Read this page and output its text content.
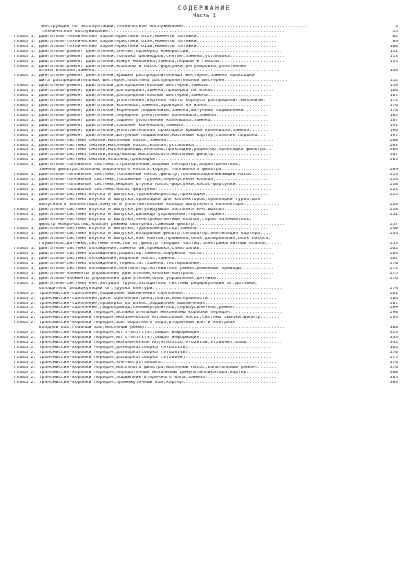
СОДЕРЖАНИЕ
Часть 1
4
Инструкция по эксплуатации,техническое обслуживание.............................................
55
Техническое обслуживание................................................................
82
Глава 1. Двигатели-технические характеристики D12F,моменты затяжки.............................
89
Глава 1. Двигатели-технические характеристики D13A,моменты затяжки.............................
100
Глава 1. Двигатели-технические характеристики D13B,моменты затяжки.............................
111
Глава 1. Двигатели-ремонт двигателей,снятие,проверка компрессии..................................
113
Глава 1. Двигатели-ремонт двигателей,головка цилиндров,снятие,замена,установка....................
135
Глава 1. Двигатели-ремонт двигателей,кожух маховика,замена,поршни и гильзы........................
Глава 1. Двигатели-ремонт двигателей,клапаны и насос-форсунки,регулировка,уплотнение
149
штока клапана,замена...................................................................
Глава 1. Двигатели-ремонт двигателей,крышки распределительных шестерен,замена прокладки
152
щита распределительных шестерен,пластина распределительной шестерни.......................
156
Глава 1. Двигатели-ремонт двигателей,распределительные шестерни,замена.......................
166
Глава 1. Двигатели-ремонт двигателей,распредвал,замена,проверка на износ......................
167
Глава 1. Двигатели-ремонт двигателей,распределительные шестерни,замена.......................
172
Глава 1. Двигатели-ремонт двигателей,уплотнения,верхняя часть корпуса распределит.механизм.
176
Глава 1. Двигатели-ремонт двигателей,коленвал,замена,проверка на износ.......................
178
Глава 1. Двигатели-ремонт двигателей,коренные подшипники,замена,шатунные подшипники........
185
Глава 1. Двигатели-ремонт двигателей,переднее уплотнение коленвала,замена...................
187
Глава 1. Двигатели-ремонт двигателей,заднее уплотнение коленвала,замена.....................
191
Глава 1. Двигатели-ремонт двигателей,сальник коленвала,замена...............................
196
Глава 1. Двигатели-ремонт двигателей,уплотнительная прокладка крышки коленвала,замена.......
197
Глава 1. Двигатели-ремонт двигателей,шатунные подшипники,масляный картер,сальник подвона...
200
Глава 1. Двигатели-система смазки,масляный насос,замена.......................................
201
Глава 1. Двигатели-система смазки,масляный насос,клапан,установка.............................
204
Глава 1. Двигатели-система смазки,маслопроводы,клапаны,прокладки,радиатор,прокладка фильтра..
207
Глава 1. Двигатели-система смазки,вход/выход маслонасоса,масляный фильтр.....................
205
Глава 1. Двигатели-система смазки,клапаны,прокладки.........................................
Глава 1. Двигатели-топливная система,страховочный,водный сепаратор,водоотделитель,
209
замена фильтра,клапаны подкачного насоса,корпус топливного фильтра.....................
213
Глава 1. Двигатели-топливная система,топливный насос,фильтр,топливоподкачивающий насос.......
214
Глава 1. Двигатели-топливная система,топливные трубки,перепускной клапан,...................
218
Глава 1. Двигатели-топливная система,медная втулка насос-форсунки,насос-форсунки.............
221
Глава 1. Двигатели-топливная система,насос-форсунки..........................................
225
Глава 1. Двигатели-система впуска и выпуска,турбокомпрессор,прокладки.......................
Глава 1. Двигатели-система впуска и выпуска,прокладки для коллекторов,прокладки турбо,для
226
выпускного коллектора,хомуты и уплотнительные кольца выпускного коллектора.............
228
Глава 1. Двигатели-система впуска и выпуска,регулирующая заслонка EPG,выхлоп................
231
Глава 1. Двигатели-система впуска и выпуска,цилиндр управления,горный тормоз................
Глава 1. Двигатели-система впуска и выпуска,электромагнитный клапан,горно-заземлитель,
237
фильтр макрочастиц,клапан режима обогрева,сажевый фильтр.................................
240
Глава 1. Двигатели-система впуска и выпуска,турбокомпрессор,замена..........................
243
Глава 1. Двигатели-система впуска и выпуска,воздушный фильтр,сепаратор,вентиляция картера....
Глава 1. Двигатели-система впуска и выпуска,бак AdBlue,промывка,блок дозирования,блок насоса,
253
глушитель,датчики,система очистки ОГ,фильтр твердых частиц,электромагнитный клапан......
262
Глава 1. Двигатели-система охлаждения,замена ОЖ,промывка,слив/залив..........................
264
Глава 1. Двигатели-система охлаждения,радиатор,замена,наружная часть..........................
267
Глава 1. Двигатели-система охлаждения,водяной насос,замена...................................
270
Глава 1. Двигатели-система охлаждения,термостат,замена,тестирование..........................
272
Глава 1. Двигатели-система охлаждения,вентилятор,натяжитель ремня,ременные приводы............
275
Глава 1. Двигатели-элементы управления двигателем,кнопки-контроль.............................
276
Глава 1. Двигатели-элементы управления двигателем,блок управления,датчики....................
Глава 1. Двигатели-система EGR,несущая труба,охладитель системы рециркуляции ОГ,датчики,
278
охладитель рециркуляции ОГ,трубка Вентури...............................................
281
Глава 2. Трансмиссия-сцепление,подшипник выключения сцепления................................
284
Глава 2. Трансмиссия-сцепление,диск сцепления,цена,плиты,неисправности.........................
287
Глава 2. Трансмиссия-сцепление,проверка на износ,подшипник выключения..........................
289
Глава 2. Трансмиссия-сцепление,гидропривод,пневмоусилитель,сервоусилитель,ремонт...............
290
Глава 2. Трансмиссия-коробки передач,вспомогательные механизмы коробки передач...................
293
Глава 2. Трансмиссия-коробки передач,механическая КП,масляный насос,система смазки,фильтр.......
Глава 2. Трансмиссия-коробки передач,вал обратного хода,вторичный вал и контрвал
300
входной вал,главный вал,масляный ремонт..................................................
323
Глава 2. Трансмиссия-коробки передач,КП I-Shift(S),общая информация............................
333
Глава 2. Трансмиссия-коробки передач,КП I-Shift(S),общая информация............................
342
Глава 2. Трансмиссия-коробки передач,механическая КП(АТО3112D,VTO2814B,VT2009B),валы.............
363
Глава 2. Трансмиссия-коробки передач,разборка/сборка (АТО3112D)..............................
370
Глава 2. Трансмиссия-коробки передач,разборка/сборка (VTO2814B)..............................
375
Глава 2. Трансмиссия-коробки передач,разборка/сборка (VT2009B)...............................
376
Глава 2. Трансмиссия-коробки передач,снятие/установка..........................................
376
Глава 2. Трансмиссия-коробки передач,масляного фильтра,масляный насос,капитальный ремонт.......
380
Глава 2. Трансмиссия-коробки передач,передаточные механизмы демультипликатора,картер............
385
Глава 2. Трансмиссия-коробки передач,подшипник вторичного вала,замена..........................
389
Глава 2. Трансмиссия-коробки передач,промежуточный вал,картер..................................
